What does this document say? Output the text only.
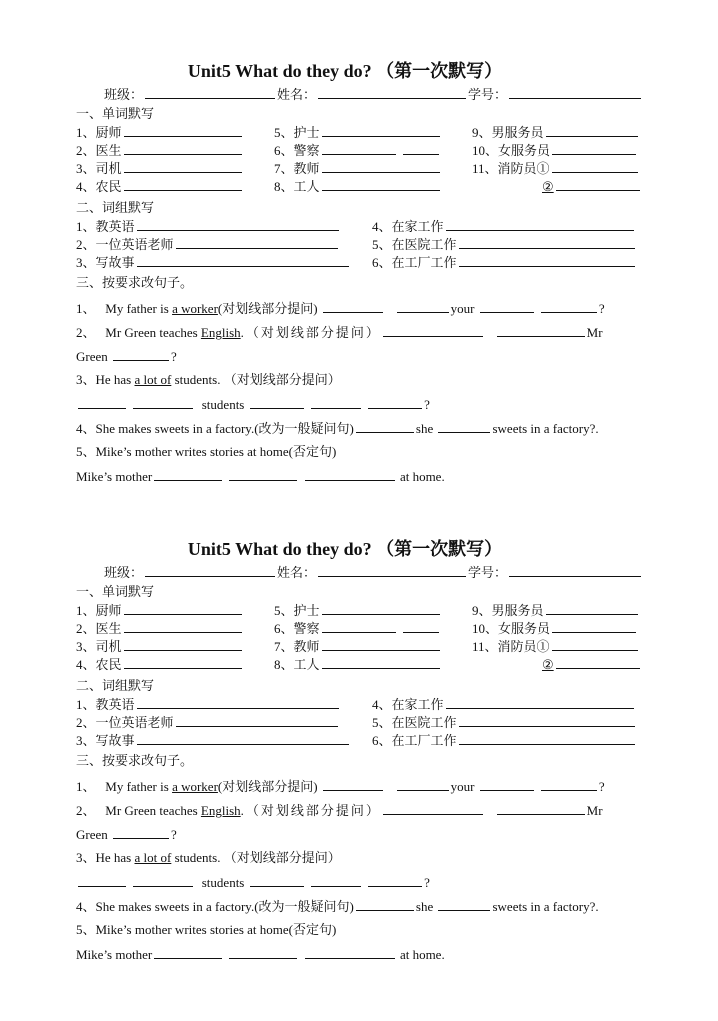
Unit5 What do they do? （第一次默写）
班级：	姓名：	学号：
一、单词默写
1、厨师	5、护士	9、男服务员
2、医生	6、警察	10、女服务员
3、司机	7、教师	11、消防员①
4、农民	8、工人	②
二、词组默写
1、教英语	4、在家工作
2、一位英语老师	5、在医院工作
3、写故事	6、在工厂工作
三、按要求改句子。
1、 My father is a worker(对划线部分提问)	your	?
2、 Mr Green teaches English.（对划线部分提问）	Mr
Green	?
3、He has a lot of students. （对划线部分提问）
students	?
4、She makes sweets in a factory.(改为一般疑问句)	she	sweets in a factory?.
5、Mike’s mother writes stories at home(否定句)
Mike’s mother	at home.
Unit5 What do they do? （第一次默写）
班级：	姓名：	学号：
一、单词默写
1、厨师	5、护士	9、男服务员
2、医生	6、警察	10、女服务员
3、司机	7、教师	11、消防员①
4、农民	8、工人	②
二、词组默写
1、教英语	4、在家工作
2、一位英语老师	5、在医院工作
3、写故事	6、在工厂工作
三、按要求改句子。
1、 My father is a worker(对划线部分提问)	your	?
2、 Mr Green teaches English.（对划线部分提问）	Mr
Green	?
3、He has a lot of students. （对划线部分提问）
students	?
4、She makes sweets in a factory.(改为一般疑问句)	she	sweets in a factory?.
5、Mike’s mother writes stories at home(否定句)
Mike’s mother	at home.
